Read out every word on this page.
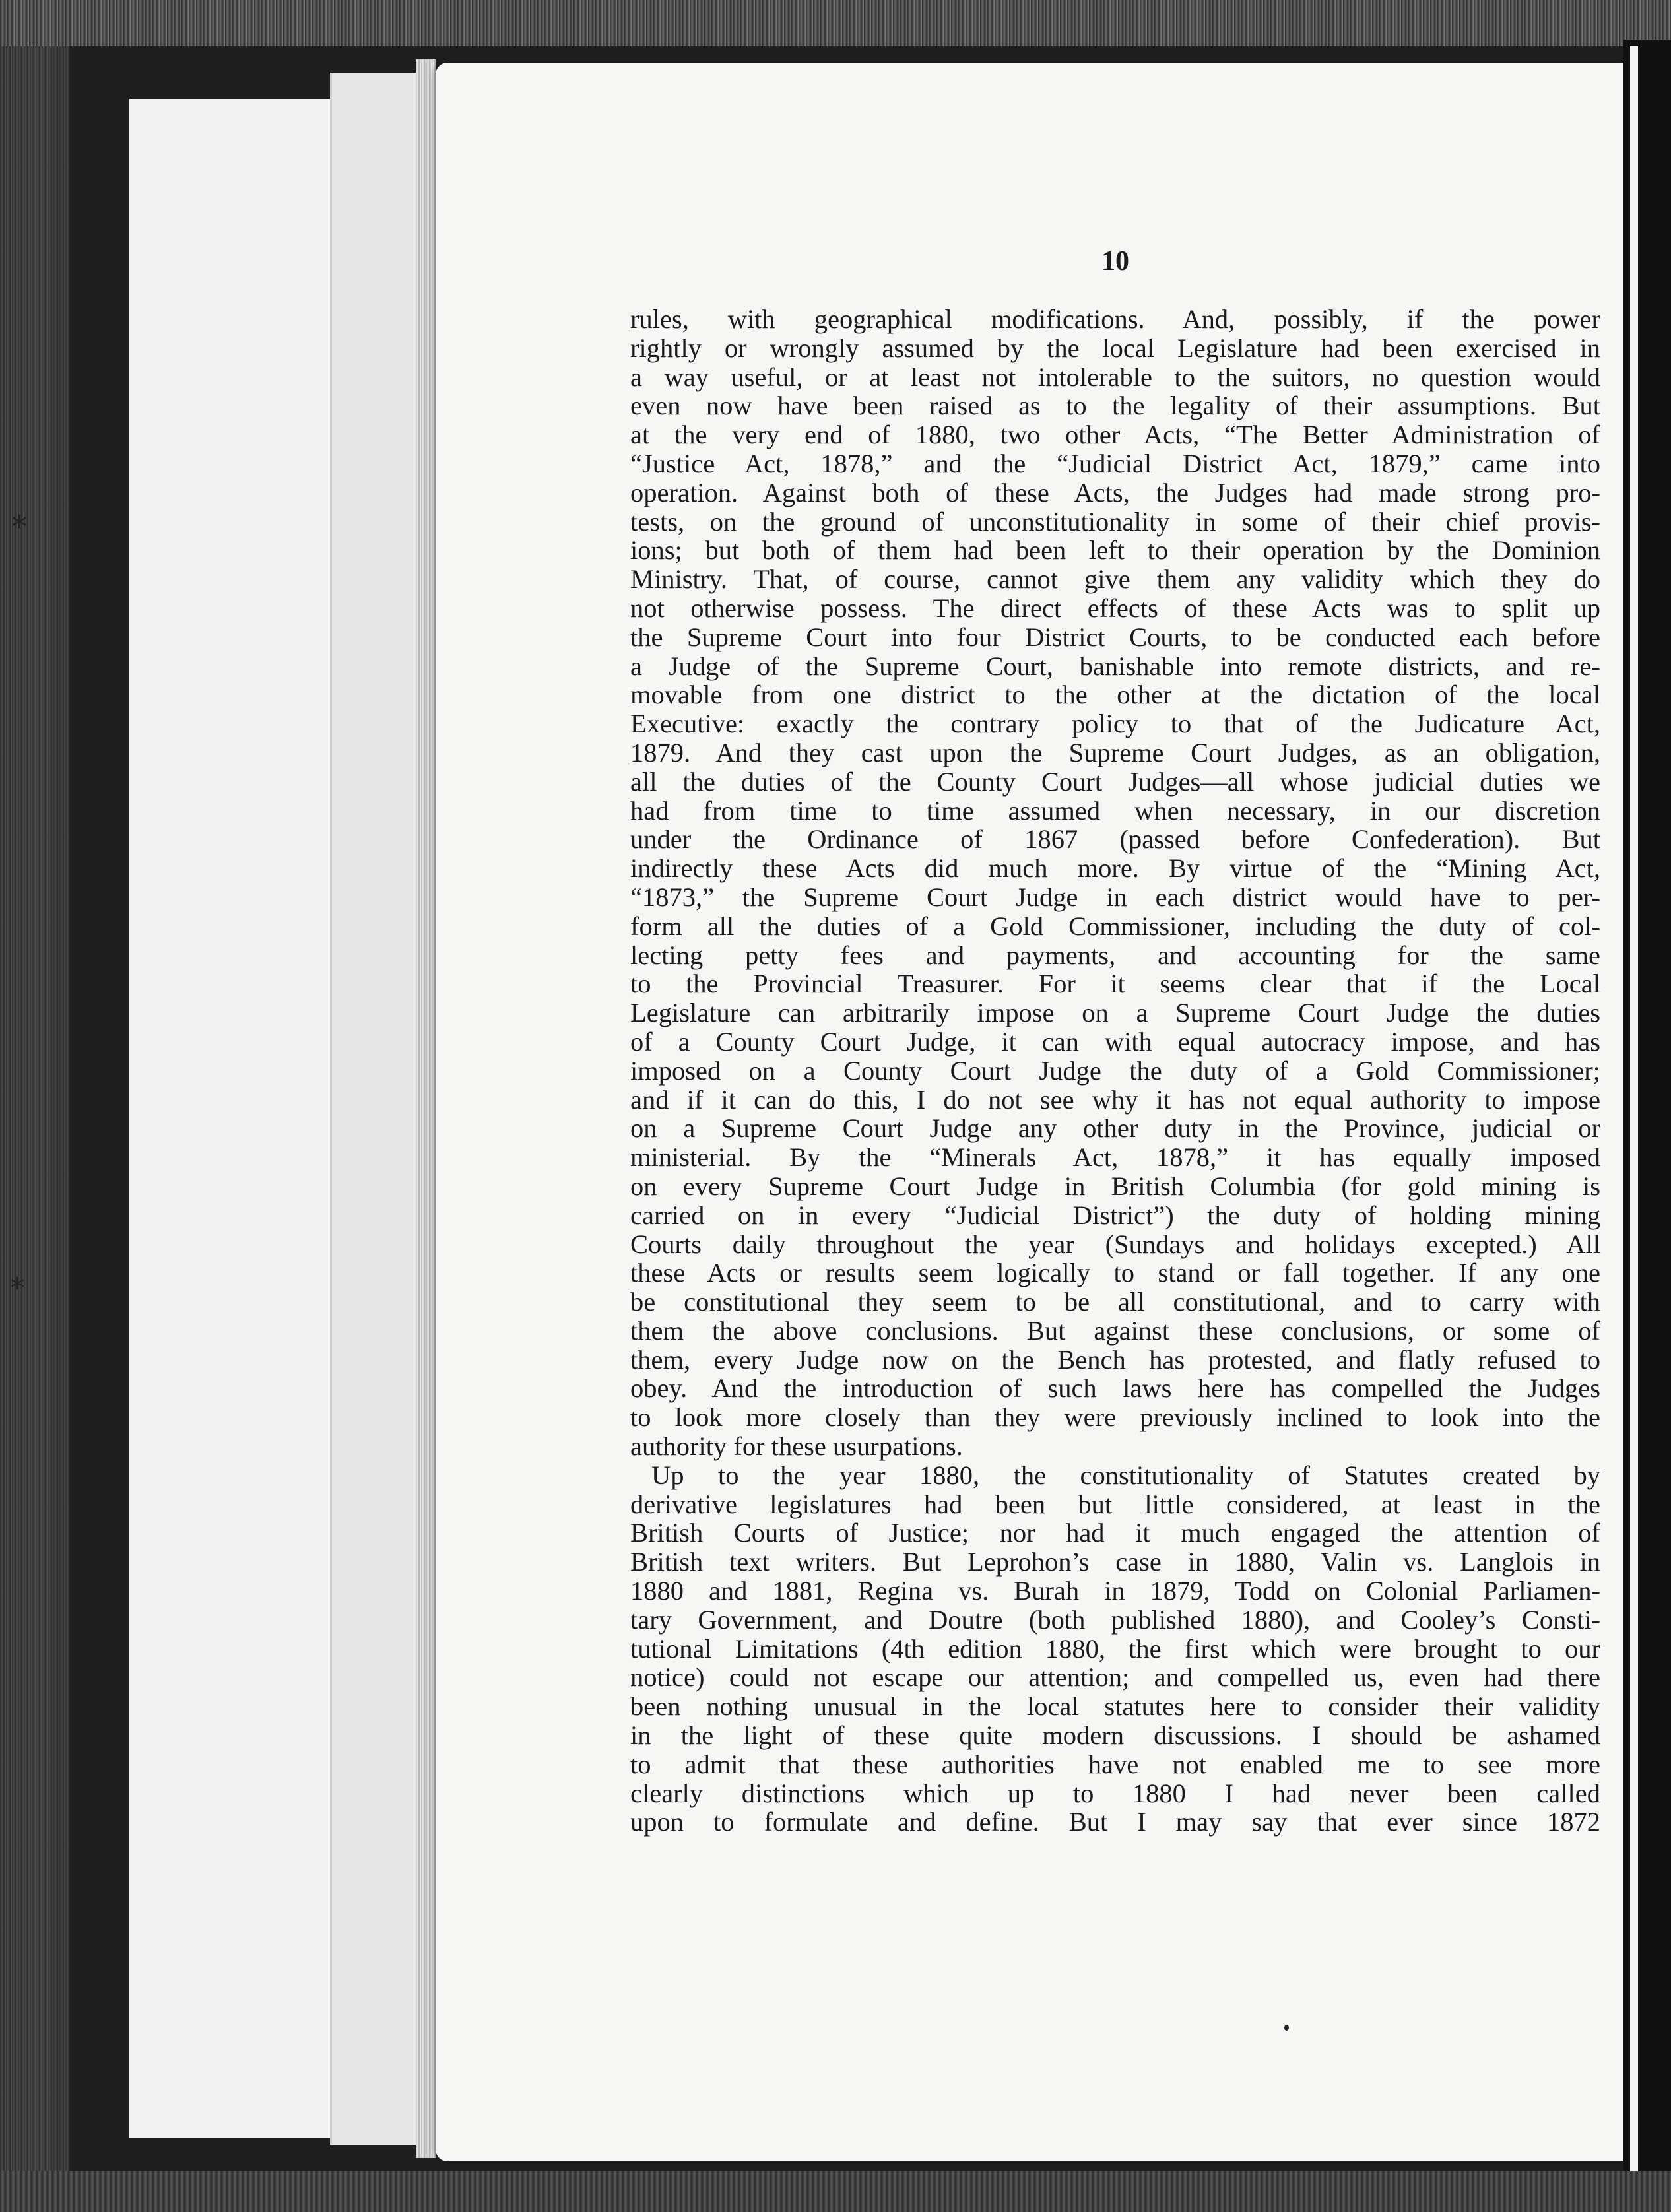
⁎
⁎
10
rules, with geographical modifications. And, possibly, if the power
rightly or wrongly assumed by the local Legislature had been exercised in
a way useful, or at least not intolerable to the suitors, no question would
even now have been raised as to the legality of their assumptions. But
at the very end of 1880, two other Acts, “The Better Administration of
“Justice Act, 1878,” and the “Judicial District Act, 1879,” came into
operation. Against both of these Acts, the Judges had made strong pro-
tests, on the ground of unconstitutionality in some of their chief provis-
ions; but both of them had been left to their operation by the Dominion
Ministry. That, of course, cannot give them any validity which they do
not otherwise possess. The direct effects of these Acts was to split up
the Supreme Court into four District Courts, to be conducted each before
a Judge of the Supreme Court, banishable into remote districts, and re-
movable from one district to the other at the dictation of the local
Executive: exactly the contrary policy to that of the Judicature Act,
1879. And they cast upon the Supreme Court Judges, as an obligation,
all the duties of the County Court Judges—all whose judicial duties we
had from time to time assumed when necessary, in our discretion
under the Ordinance of 1867 (passed before Confederation). But
indirectly these Acts did much more. By virtue of the “Mining Act,
“1873,” the Supreme Court Judge in each district would have to per-
form all the duties of a Gold Commissioner, including the duty of col-
lecting petty fees and payments, and accounting for the same
to the Provincial Treasurer. For it seems clear that if the Local
Legislature can arbitrarily impose on a Supreme Court Judge the duties
of a County Court Judge, it can with equal autocracy impose, and has
imposed on a County Court Judge the duty of a Gold Commissioner;
and if it can do this, I do not see why it has not equal authority to impose
on a Supreme Court Judge any other duty in the Province, judicial or
ministerial. By the “Minerals Act, 1878,” it has equally imposed
on every Supreme Court Judge in British Columbia (for gold mining is
carried on in every “Judicial District”) the duty of holding mining
Courts daily throughout the year (Sundays and holidays excepted.) All
these Acts or results seem logically to stand or fall together. If any one
be constitutional they seem to be all constitutional, and to carry with
them the above conclusions. But against these conclusions, or some of
them, every Judge now on the Bench has protested, and flatly refused to
obey. And the introduction of such laws here has compelled the Judges
to look more closely than they were previously inclined to look into the
authority for these usurpations.
Up to the year 1880, the constitutionality of Statutes created by
derivative legislatures had been but little considered, at least in the
British Courts of Justice; nor had it much engaged the attention of
British text writers. But Leprohon’s case in 1880, Valin vs. Langlois in
1880 and 1881, Regina vs. Burah in 1879, Todd on Colonial Parliamen-
tary Government, and Doutre (both published 1880), and Cooley’s Consti-
tutional Limitations (4th edition 1880, the first which were brought to our
notice) could not escape our attention; and compelled us, even had there
been nothing unusual in the local statutes here to consider their validity
in the light of these quite modern discussions. I should be ashamed
to admit that these authorities have not enabled me to see more
clearly distinctions which up to 1880 I had never been called
upon to formulate and define. But I may say that ever since 1872
